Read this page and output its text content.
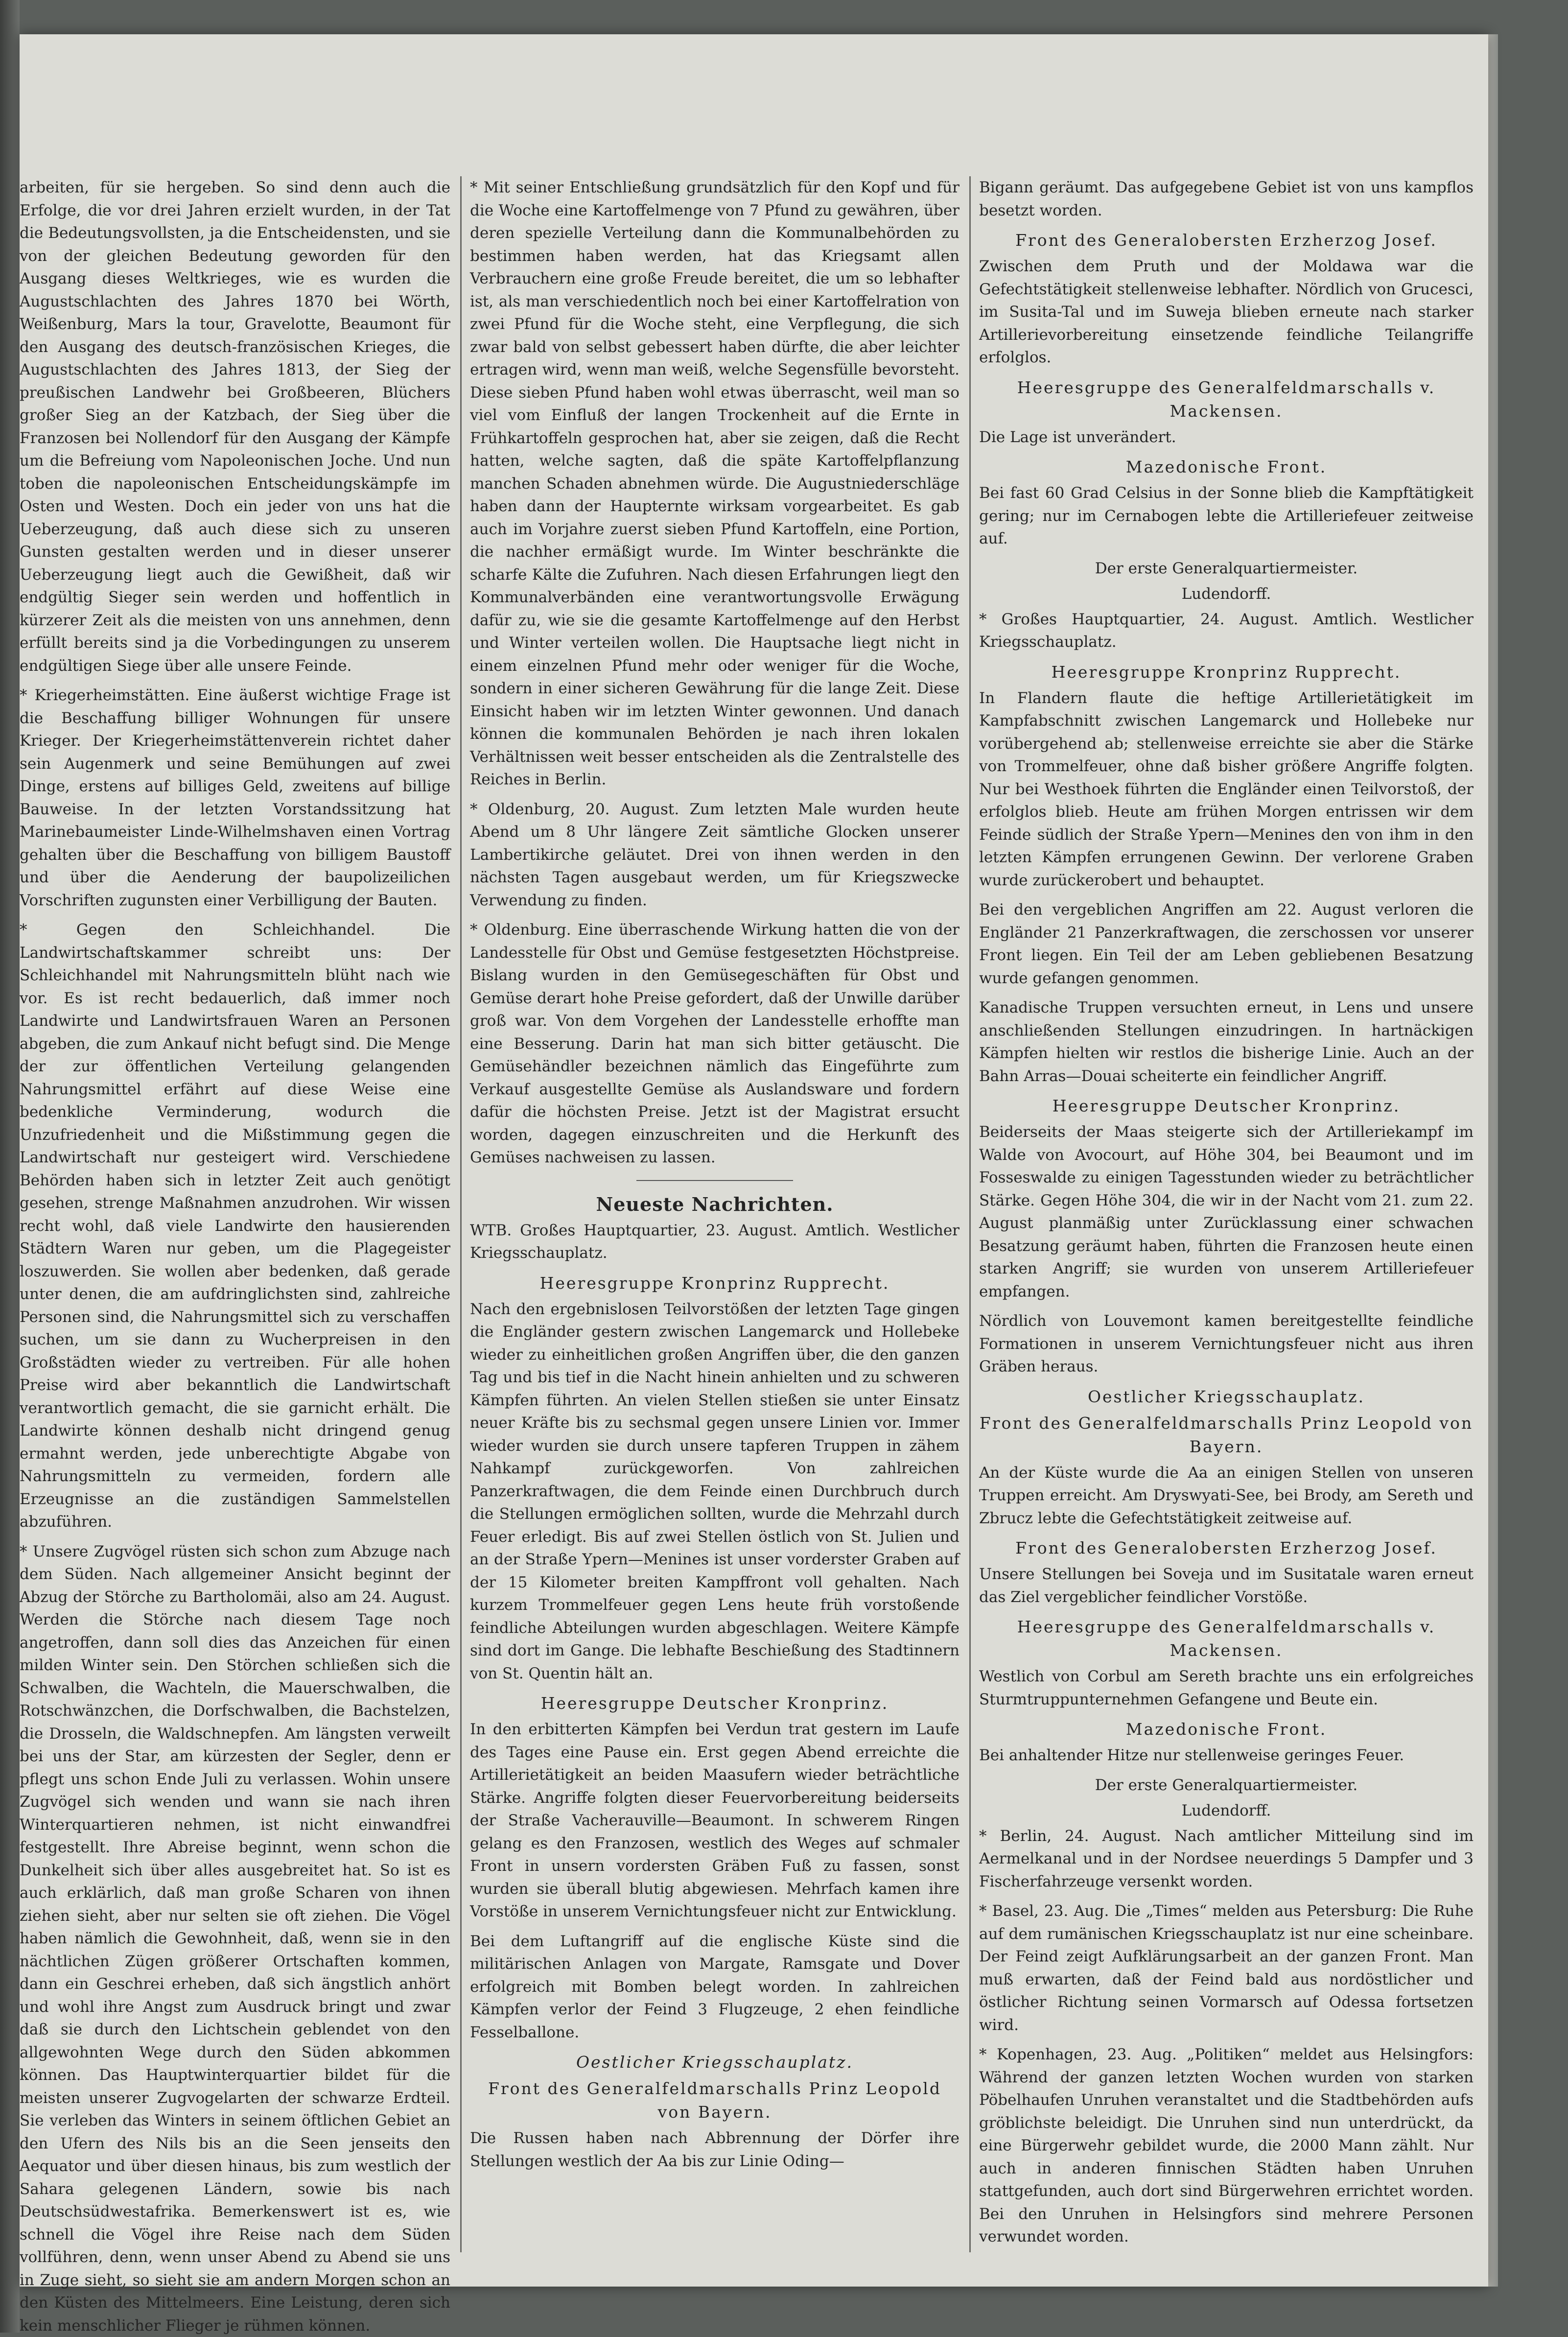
arbeiten, für sie hergeben. So sind denn auch die Erfolge, die vor drei Jahren erzielt wurden, in der Tat die Bedeutungsvollsten, ja die Entscheidensten, und sie von der gleichen Bedeutung geworden für den Ausgang dieses Weltkrieges, wie es wurden die Augustschlachten des Jahres 1870 bei Wörth, Weißenburg, Mars la tour, Gravelotte, Beaumont für den Ausgang des deutsch-französischen Krieges, die Augustschlachten des Jahres 1813, der Sieg der preußischen Landwehr bei Großbeeren, Blüchers großer Sieg an der Katzbach, der Sieg über die Franzosen bei Nollendorf für den Ausgang der Kämpfe um die Befreiung vom Napoleonischen Joche. Und nun toben die napoleonischen Entscheidungskämpfe im Osten und Westen. Doch ein jeder von uns hat die Ueberzeugung, daß auch diese sich zu unseren Gunsten gestalten werden und in dieser unserer Ueberzeugung liegt auch die Gewißheit, daß wir endgültig Sieger sein werden und hoffentlich in kürzerer Zeit als die meisten von uns annehmen, denn erfüllt bereits sind ja die Vorbedingungen zu unserem endgültigen Siege über alle unsere Feinde.

* Kriegerheimstätten. Eine äußerst wichtige Frage ist die Beschaffung billiger Wohnungen für unsere Krieger. Der Kriegerheimstättenverein richtet daher sein Augenmerk und seine Bemühungen auf zwei Dinge, erstens auf billiges Geld, zweitens auf billige Bauweise. In der letzten Vorstandssitzung hat Marinebaumeister Linde-Wilhelmshaven einen Vortrag gehalten über die Beschaffung von billigem Baustoff und über die Aenderung der baupolizeilichen Vorschriften zugunsten einer Verbilligung der Bauten.

* Gegen den Schleichhandel. Die Landwirtschaftskammer schreibt uns: Der Schleichhandel mit Nahrungsmitteln blüht nach wie vor. Es ist recht bedauerlich, daß immer noch Landwirte und Landwirtsfrauen Waren an Personen abgeben, die zum Ankauf nicht befugt sind. Die Menge der zur öffentlichen Verteilung gelangenden Nahrungsmittel erfährt auf diese Weise eine bedenkliche Verminderung, wodurch die Unzufriedenheit und die Mißstimmung gegen die Landwirtschaft nur gesteigert wird. Verschiedene Behörden haben sich in letzter Zeit auch genötigt gesehen, strenge Maßnahmen anzudrohen. Wir wissen recht wohl, daß viele Landwirte den hausierenden Städtern Waren nur geben, um die Plagegeister loszuwerden. Sie wollen aber bedenken, daß gerade unter denen, die am aufdringlichsten sind, zahlreiche Personen sind, die Nahrungsmittel sich zu verschaffen suchen, um sie dann zu Wucherpreisen in den Großstädten wieder zu vertreiben. Für alle hohen Preise wird aber bekanntlich die Landwirtschaft verantwortlich gemacht, die sie garnicht erhält. Die Landwirte können deshalb nicht dringend genug ermahnt werden, jede unberechtigte Abgabe von Nahrungsmitteln zu vermeiden, fordern alle Erzeugnisse an die zuständigen Sammelstellen abzuführen.

* Unsere Zugvögel rüsten sich schon zum Abzuge nach dem Süden. Nach allgemeiner Ansicht beginnt der Abzug der Störche zu Bartholomäi, also am 24. August. Werden die Störche nach diesem Tage noch angetroffen, dann soll dies das Anzeichen für einen milden Winter sein. Den Störchen schließen sich die Schwalben, die Wachteln, die Mauerschwalben, die Rotschwänzchen, die Dorfschwalben, die Bachstelzen, die Drosseln, die Waldschnepfen. Am längsten verweilt bei uns der Star, am kürzesten der Segler, denn er pflegt uns schon Ende Juli zu verlassen. Wohin unsere Zugvögel sich wenden und wann sie nach ihren Winterquartieren nehmen, ist nicht einwandfrei festgestellt. Ihre Abreise beginnt, wenn schon die Dunkelheit sich über alles ausgebreitet hat. So ist es auch erklärlich, daß man große Scharen von ihnen ziehen sieht, aber nur selten sie oft ziehen. Die Vögel haben nämlich die Gewohnheit, daß, wenn sie in den nächtlichen Zügen größerer Ortschaften kommen, dann ein Geschrei erheben, daß sich ängstlich anhört und wohl ihre Angst zum Ausdruck bringt und zwar daß sie durch den Lichtschein geblendet von den allgewohnten Wege durch den Süden abkommen können. Das Hauptwinterquartier bildet für die meisten unserer Zugvogelarten der schwarze Erdteil. Sie verleben das Winters in seinem öftlichen Gebiet an den Ufern des Nils bis an die Seen jenseits den Aequator und über diesen hinaus, bis zum westlich der Sahara gelegenen Ländern, sowie bis nach Deutschsüdwestafrika. Bemerkenswert ist es, wie schnell die Vögel ihre Reise nach dem Süden vollführen, denn, wenn unser Abend zu Abend sie uns in Zuge sieht, so sieht sie am andern Morgen schon an den Küsten des Mittelmeers. Eine Leistung, deren sich kein menschlicher Flieger je rühmen können.

* Mit seiner Entschließung grundsätzlich für den Kopf und für die Woche eine Kartoffelmenge von 7 Pfund zu gewähren, über deren spezielle Verteilung dann die Kommunalbehörden zu bestimmen haben werden, hat das Kriegsamt allen Verbrauchern eine große Freude bereitet, die um so lebhafter ist, als man verschiedentlich noch bei einer Kartoffelration von zwei Pfund für die Woche steht, eine Verpflegung, die sich zwar bald von selbst gebessert haben dürfte, die aber leichter ertragen wird, wenn man weiß, welche Segensfülle bevorsteht. Diese sieben Pfund haben wohl etwas überrascht, weil man so viel vom Einfluß der langen Trockenheit auf die Ernte in Frühkartoffeln gesprochen hat, aber sie zeigen, daß die Recht hatten, welche sagten, daß die späte Kartoffelpflanzung manchen Schaden abnehmen würde. Die Augustniederschläge haben dann der Haupternte wirksam vorgearbeitet. Es gab auch im Vorjahre zuerst sieben Pfund Kartoffeln, eine Portion, die nachher ermäßigt wurde. Im Winter beschränkte die scharfe Kälte die Zufuhren. Nach diesen Erfahrungen liegt den Kommunalverbänden eine verantwortungsvolle Erwägung dafür zu, wie sie die gesamte Kartoffelmenge auf den Herbst und Winter verteilen wollen. Die Hauptsache liegt nicht in einem einzelnen Pfund mehr oder weniger für die Woche, sondern in einer sicheren Gewährung für die lange Zeit. Diese Einsicht haben wir im letzten Winter gewonnen. Und danach können die kommunalen Behörden je nach ihren lokalen Verhältnissen weit besser entscheiden als die Zentralstelle des Reiches in Berlin.

* Oldenburg, 20. August. Zum letzten Male wurden heute Abend um 8 Uhr längere Zeit sämtliche Glocken unserer Lambertikirche geläutet. Drei von ihnen werden in den nächsten Tagen ausgebaut werden, um für Kriegszwecke Verwendung zu finden.

* Oldenburg. Eine überraschende Wirkung hatten die von der Landesstelle für Obst und Gemüse festgesetzten Höchstpreise. Bislang wurden in den Gemüsegeschäften für Obst und Gemüse derart hohe Preise gefordert, daß der Unwille darüber groß war. Von dem Vorgehen der Landesstelle erhoffte man eine Besserung. Darin hat man sich bitter getäuscht. Die Gemüsehändler bezeichnen nämlich das Eingeführte zum Verkauf ausgestellte Gemüse als Auslandsware und fordern dafür die höchsten Preise. Jetzt ist der Magistrat ersucht worden, dagegen einzuschreiten und die Herkunft des Gemüses nachweisen zu lassen.

Neueste Nachrichten.

WTB. Großes Hauptquartier, 23. August. Amtlich. Westlicher Kriegsschauplatz.

Heeresgruppe Kronprinz Rupprecht.

Nach den ergebnislosen Teilvorstößen der letzten Tage gingen die Engländer gestern zwischen Langemarck und Hollebeke wieder zu einheitlichen großen Angriffen über, die den ganzen Tag und bis tief in die Nacht hinein anhielten und zu schweren Kämpfen führten. An vielen Stellen stießen sie unter Einsatz neuer Kräfte bis zu sechsmal gegen unsere Linien vor. Immer wieder wurden sie durch unsere tapferen Truppen in zähem Nahkampf zurückgeworfen. Von zahlreichen Panzerkraftwagen, die dem Feinde einen Durchbruch durch die Stellungen ermöglichen sollten, wurde die Mehrzahl durch Feuer erledigt. Bis auf zwei Stellen östlich von St. Julien und an der Straße Ypern—Menines ist unser vorderster Graben auf der 15 Kilometer breiten Kampffront voll gehalten. Nach kurzem Trommelfeuer gegen Lens heute früh vorstoßende feindliche Abteilungen wurden abgeschlagen. Weitere Kämpfe sind dort im Gange. Die lebhafte Beschießung des Stadtinnern von St. Quentin hält an.

Heeresgruppe Deutscher Kronprinz.

In den erbitterten Kämpfen bei Verdun trat gestern im Laufe des Tages eine Pause ein. Erst gegen Abend erreichte die Artillerietätigkeit an beiden Maasufern wieder beträchtliche Stärke. Angriffe folgten dieser Feuervorbereitung beiderseits der Straße Vacherauville—Beaumont. In schwerem Ringen gelang es den Franzosen, westlich des Weges auf schmaler Front in unsern vordersten Gräben Fuß zu fassen, sonst wurden sie überall blutig abgewiesen. Mehrfach kamen ihre Vorstöße in unserem Vernichtungsfeuer nicht zur Entwicklung.

Bei dem Luftangriff auf die englische Küste sind die militärischen Anlagen von Margate, Ramsgate und Dover erfolgreich mit Bomben belegt worden. In zahlreichen Kämpfen verlor der Feind 3 Flugzeuge, 2 ehen feindliche Fesselballone.

Oestlicher Kriegsschauplatz.
Front des Generalfeldmarschalls Prinz Leopold von Bayern.

Die Russen haben nach Abbrennung der Dörfer ihre Stellungen westlich der Aa bis zur Linie Oding—

Bigann geräumt. Das aufgegebene Gebiet ist von uns kampflos besetzt worden.

Front des Generalobersten Erzherzog Josef.

Zwischen dem Pruth und der Moldawa war die Gefechtstätigkeit stellenweise lebhafter. Nördlich von Grucesci, im Susita-Tal und im Suweja blieben erneute nach starker Artillerievorbereitung einsetzende feindliche Teilangriffe erfolglos.

Heeresgruppe des Generalfeldmarschalls v. Mackensen.

Die Lage ist unverändert.

Mazedonische Front.

Bei fast 60 Grad Celsius in der Sonne blieb die Kampftätigkeit gering; nur im Cernabogen lebte die Artilleriefeuer zeitweise auf.

Der erste Generalquartiermeister.
Ludendorff.

* Großes Hauptquartier, 24. August. Amtlich. Westlicher Kriegsschauplatz.

Heeresgruppe Kronprinz Rupprecht.

In Flandern flaute die heftige Artillerietätigkeit im Kampfabschnitt zwischen Langemarck und Hollebeke nur vorübergehend ab; stellenweise erreichte sie aber die Stärke von Trommelfeuer, ohne daß bisher größere Angriffe folgten. Nur bei Westhoek führten die Engländer einen Teilvorstoß, der erfolglos blieb. Heute am frühen Morgen entrissen wir dem Feinde südlich der Straße Ypern—Menines den von ihm in den letzten Kämpfen errungenen Gewinn. Der verlorene Graben wurde zurückerobert und behauptet.

Bei den vergeblichen Angriffen am 22. August verloren die Engländer 21 Panzerkraftwagen, die zerschossen vor unserer Front liegen. Ein Teil der am Leben gebliebenen Besatzung wurde gefangen genommen.

Kanadische Truppen versuchten erneut, in Lens und unsere anschließenden Stellungen einzudringen. In hartnäckigen Kämpfen hielten wir restlos die bisherige Linie. Auch an der Bahn Arras—Douai scheiterte ein feindlicher Angriff.

Heeresgruppe Deutscher Kronprinz.

Beiderseits der Maas steigerte sich der Artilleriekampf im Walde von Avocourt, auf Höhe 304, bei Beaumont und im Fosseswalde zu einigen Tagesstunden wieder zu beträchtlicher Stärke. Gegen Höhe 304, die wir in der Nacht vom 21. zum 22. August planmäßig unter Zurücklassung einer schwachen Besatzung geräumt haben, führten die Franzosen heute einen starken Angriff; sie wurden von unserem Artilleriefeuer empfangen.

Nördlich von Louvemont kamen bereitgestellte feindliche Formationen in unserem Vernichtungsfeuer nicht aus ihren Gräben heraus.

Oestlicher Kriegsschauplatz.
Front des Generalfeldmarschalls Prinz Leopold von Bayern.

An der Küste wurde die Aa an einigen Stellen von unseren Truppen erreicht. Am Dryswyati-See, bei Brody, am Sereth und Zbrucz lebte die Gefechtstätigkeit zeitweise auf.

Front des Generalobersten Erzherzog Josef.

Unsere Stellungen bei Soveja und im Susitatale waren erneut das Ziel vergeblicher feindlicher Vorstöße.

Heeresgruppe des Generalfeldmarschalls v. Mackensen.

Westlich von Corbul am Sereth brachte uns ein erfolgreiches Sturmtruppunternehmen Gefangene und Beute ein.

Mazedonische Front.

Bei anhaltender Hitze nur stellenweise geringes Feuer.

Der erste Generalquartiermeister.
Ludendorff.

* Berlin, 24. August. Nach amtlicher Mitteilung sind im Aermelkanal und in der Nordsee neuerdings 5 Dampfer und 3 Fischerfahrzeuge versenkt worden.

* Basel, 23. Aug. Die „Times“ melden aus Petersburg: Die Ruhe auf dem rumänischen Kriegsschauplatz ist nur eine scheinbare. Der Feind zeigt Aufklärungsarbeit an der ganzen Front. Man muß erwarten, daß der Feind bald aus nordöstlicher und östlicher Richtung seinen Vormarsch auf Odessa fortsetzen wird.

* Kopenhagen, 23. Aug. „Politiken“ meldet aus Helsingfors: Während der ganzen letzten Wochen wurden von starken Pöbelhaufen Unruhen veranstaltet und die Stadtbehörden aufs gröblichste beleidigt. Die Unruhen sind nun unterdrückt, da eine Bürgerwehr gebildet wurde, die 2000 Mann zählt. Nur auch in anderen finnischen Städten haben Unruhen stattgefunden, auch dort sind Bürgerwehren errichtet worden. Bei den Unruhen in Helsingfors sind mehrere Personen verwundet worden.
